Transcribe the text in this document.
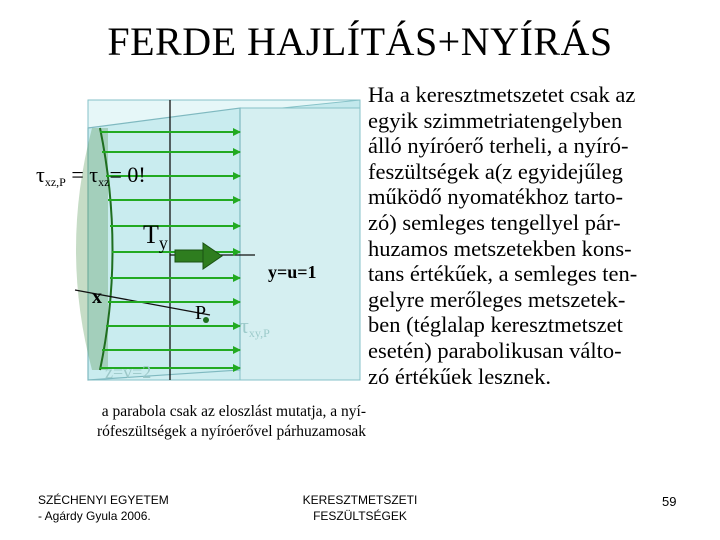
FERDE HAJLÍTÁS+NYÍRÁS
$\tau_{xz,P} = \tau_{xz}= 0$!
$T_y$
x
y=u=1
z=v=2
P $\tau_{xy,P}$
Ha a keresztmetszetet csak az
egyik szimmetriatengelyben
álló nyíróerő terheli, a nyíró-
feszültségek a(z egyidejűleg
működő nyomatékhoz tarto-
zó) semleges tengellyel pár-
huzamos metszetekben kons-
tans értékűek, a semleges ten-
gelyre merőleges metszetek-
ben (téglalap keresztmetszet
esetén) parabolikusan válto-
zó értékűek lesznek.
a parabola csak az eloszlást mutatja, a nyí-
rófeszültségek a nyíróerővel párhuzamosak
SZÉCHENYI EGYETEM
- Agárdy Gyula 2006.
KERESZTMETSZETI
FESZÜLTSÉGEK
59
